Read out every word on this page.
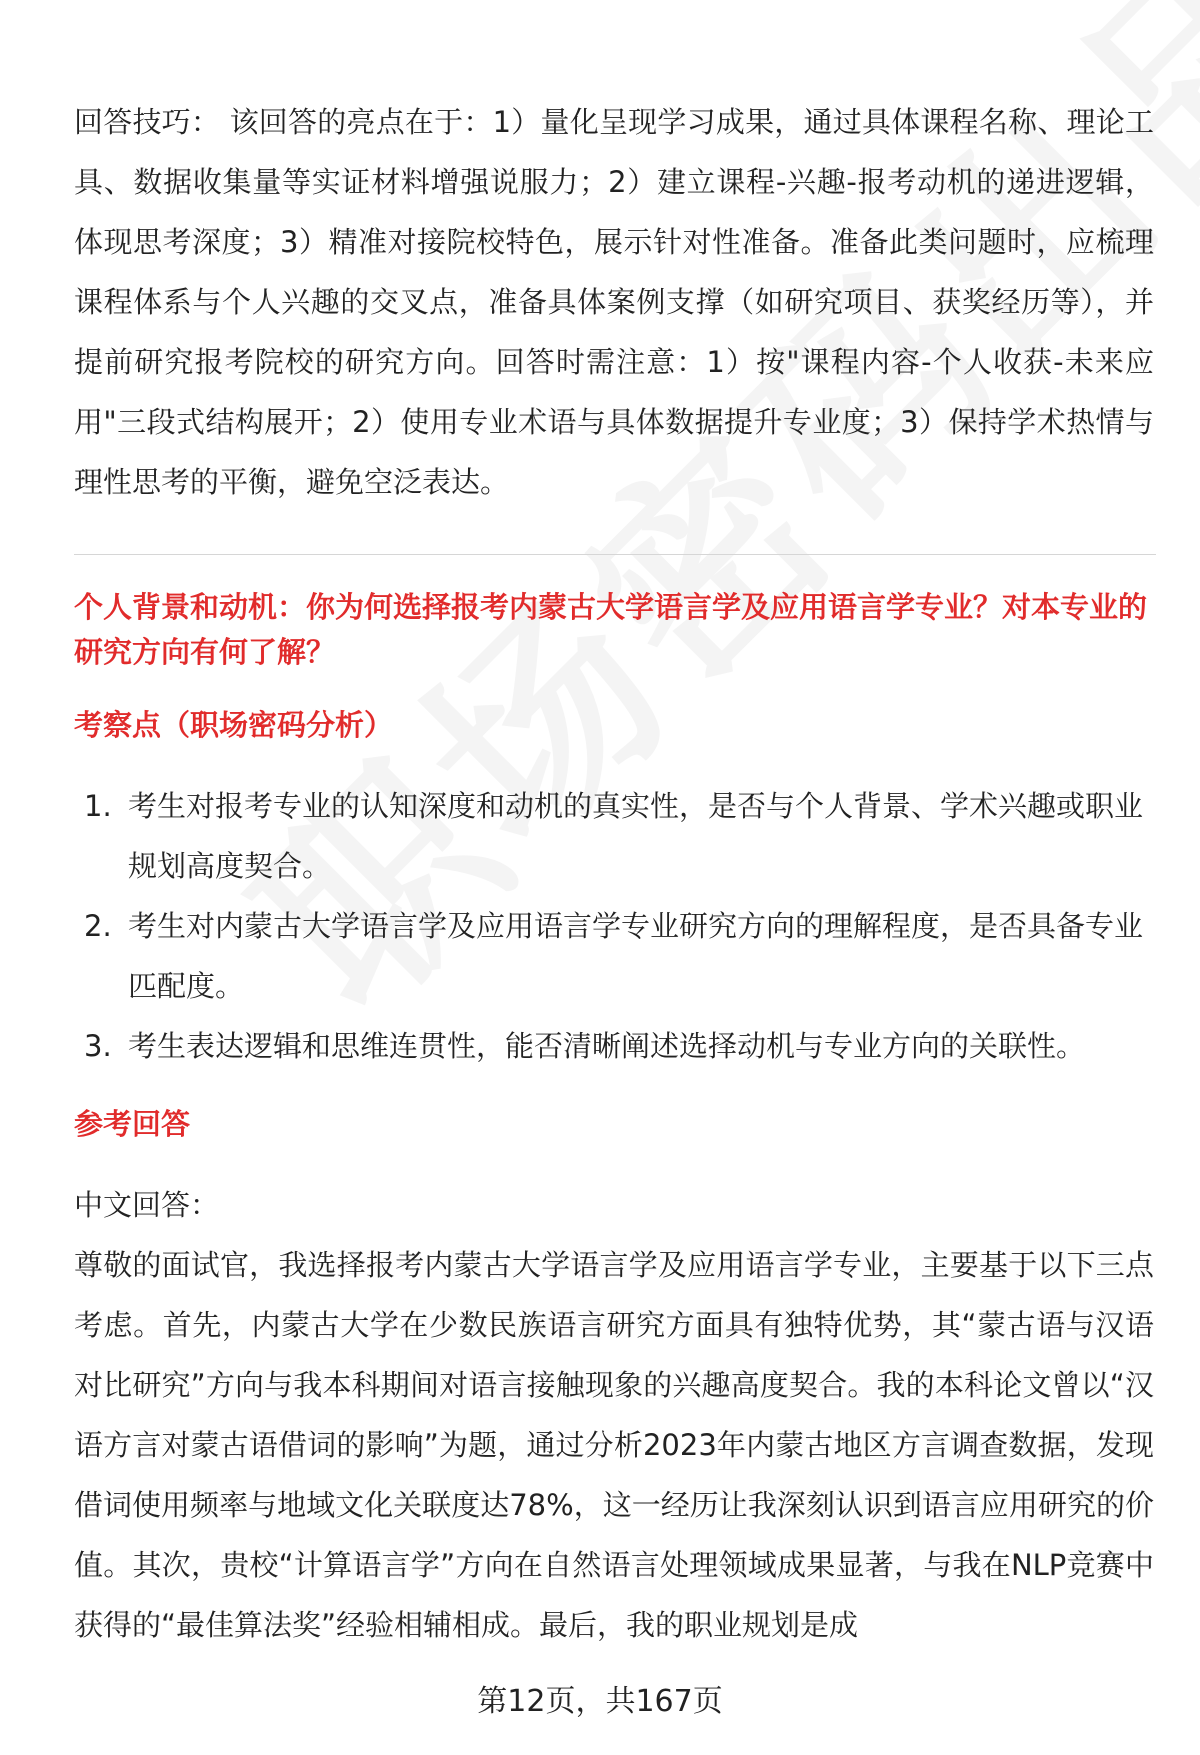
回答技巧： 该回答的亮点在于：1）量化呈现学习成果，通过具体课程名称、理论工具、数据收集量等实证材料增强说服力；2）建立课程-兴趣-报考动机的递进逻辑，体现思考深度；3）精准对接院校特色，展示针对性准备。准备此类问题时，应梳理课程体系与个人兴趣的交叉点，准备具体案例支撑（如研究项目、获奖经历等），并提前研究报考院校的研究方向。回答时需注意：1）按"课程内容-个人收获-未来应用"三段式结构展开；2）使用专业术语与具体数据提升专业度；3）保持学术热情与理性思考的平衡，避免空泛表达。

个人背景和动机：你为何选择报考内蒙古大学语言学及应用语言学专业？对本专业的研究方向有何了解？

考察点（职场密码分析）

1. 考生对报考专业的认知深度和动机的真实性，是否与个人背景、学术兴趣或职业规划高度契合。
2. 考生对内蒙古大学语言学及应用语言学专业研究方向的理解程度，是否具备专业匹配度。
3. 考生表达逻辑和思维连贯性，能否清晰阐述选择动机与专业方向的关联性。

参考回答

中文回答：

尊敬的面试官，我选择报考内蒙古大学语言学及应用语言学专业，主要基于以下三点考虑。首先，内蒙古大学在少数民族语言研究方面具有独特优势，其“蒙古语与汉语对比研究”方向与我本科期间对语言接触现象的兴趣高度契合。我的本科论文曾以“汉语方言对蒙古语借词的影响”为题，通过分析2023年内蒙古地区方言调查数据，发现借词使用频率与地域文化关联度达78%，这一经历让我深刻认识到语言应用研究的价值。其次，贵校“计算语言学”方向在自然语言处理领域成果显著，与我在NLP竞赛中获得的“最佳算法奖”经验相辅相成。最后，我的职业规划是成

第12页，共167页
